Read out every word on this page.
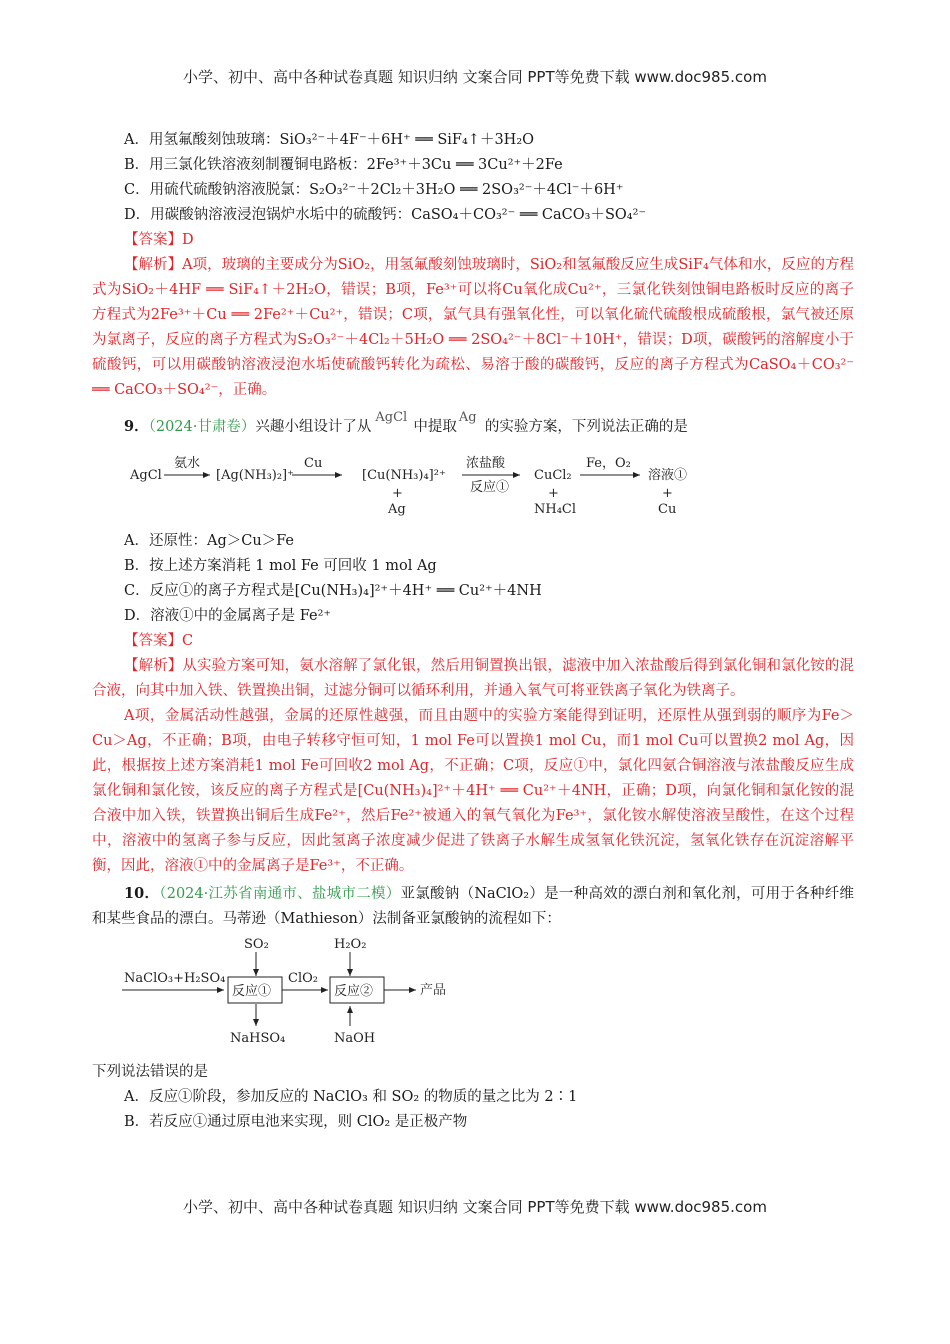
小学、初中、高中各种试卷真题 知识归纳 文案合同 PPT等免费下载 www.doc985.com
A．用氢氟酸刻蚀玻璃：SiO₃²⁻＋4F⁻＋6H⁺ ══ SiF₄↑＋3H₂O
B．用三氯化铁溶液刻制覆铜电路板：2Fe³⁺＋3Cu ══ 3Cu²⁺＋2Fe
C．用硫代硫酸钠溶液脱氯：S₂O₃²⁻＋2Cl₂＋3H₂O ══ 2SO₃²⁻＋4Cl⁻＋6H⁺
D．用碳酸钠溶液浸泡锅炉水垢中的硫酸钙：CaSO₄＋CO₃²⁻ ══ CaCO₃＋SO₄²⁻
【答案】D
【解析】A项，玻璃的主要成分为SiO₂，用氢氟酸刻蚀玻璃时，SiO₂和氢氟酸反应生成SiF₄气体和水，反应的方程式为SiO₂＋4HF ══ SiF₄↑＋2H₂O，错误；B项，Fe³⁺可以将Cu氧化成Cu²⁺，三氯化铁刻蚀铜电路板时反应的离子方程式为2Fe³⁺＋Cu ══ 2Fe²⁺＋Cu²⁺，错误；C项，氯气具有强氧化性，可以氧化硫代硫酸根成硫酸根，氯气被还原为氯离子，反应的离子方程式为S₂O₃²⁻＋4Cl₂＋5H₂O ══ 2SO₄²⁻＋8Cl⁻＋10H⁺，错误；D项，碳酸钙的溶解度小于硫酸钙，可以用碳酸钠溶液浸泡水垢使硫酸钙转化为疏松、易溶于酸的碳酸钙，反应的离子方程式为CaSO₄＋CO₃²⁻ ══ CaCO₃＋SO₄²⁻，正确。
9．（2024·甘肃卷）兴趣小组设计了从
AgCl
中提取
Ag
的实验方案，下列说法正确的是
AgCl
氨水
[Ag(NH₃)₂]⁺
Cu
[Cu(NH₃)₄]²⁺
+
Ag
浓盐酸
反应①
CuCl₂
+
NH₄Cl
Fe，O₂
溶液①
+
Cu
A．还原性：Ag＞Cu＞Fe
B．按上述方案消耗 1 mol Fe 可回收 1 mol Ag
C．反应①的离子方程式是[Cu(NH₃)₄]²⁺＋4H⁺ ══ Cu²⁺＋4NH
D．溶液①中的金属离子是 Fe²⁺
【答案】C
【解析】从实验方案可知，氨水溶解了氯化银，然后用铜置换出银，滤液中加入浓盐酸后得到氯化铜和氯化铵的混合液，向其中加入铁、铁置换出铜，过滤分铜可以循环利用，并通入氧气可将亚铁离子氧化为铁离子。
A项，金属活动性越强，金属的还原性越强，而且由题中的实验方案能得到证明，还原性从强到弱的顺序为Fe＞Cu＞Ag，不正确；B项，由电子转移守恒可知，1 mol Fe可以置换1 mol Cu，而1 mol Cu可以置换2 mol Ag，因此，根据按上述方案消耗1 mol Fe可回收2 mol Ag，不正确；C项，反应①中，氯化四氨合铜溶液与浓盐酸反应生成氯化铜和氯化铵，该反应的离子方程式是[Cu(NH₃)₄]²⁺＋4H⁺ ══ Cu²⁺＋4NH，正确；D项，向氯化铜和氯化铵的混合液中加入铁，铁置换出铜后生成Fe²⁺，然后Fe²⁺被通入的氧气氧化为Fe³⁺，氯化铵水解使溶液呈酸性，在这个过程中，溶液中的氢离子参与反应，因此氢离子浓度减少促进了铁离子水解生成氢氧化铁沉淀，氢氧化铁存在沉淀溶解平衡，因此，溶液①中的金属离子是Fe³⁺，不正确。
10．（2024·江苏省南通市、盐城市二模）亚氯酸钠（NaClO₂）是一种高效的漂白剂和氧化剂，可用于各种纤维和某些食品的漂白。马蒂逊（Mathieson）法制备亚氯酸钠的流程如下：
NaClO₃+H₂SO₄
SO₂
反应①
NaHSO₄
ClO₂
H₂O₂
反应②
NaOH
产品
下列说法错误的是
A．反应①阶段，参加反应的 NaClO₃ 和 SO₂ 的物质的量之比为 2∶1
B．若反应①通过原电池来实现，则 ClO₂ 是正极产物
小学、初中、高中各种试卷真题 知识归纳 文案合同 PPT等免费下载 www.doc985.com
